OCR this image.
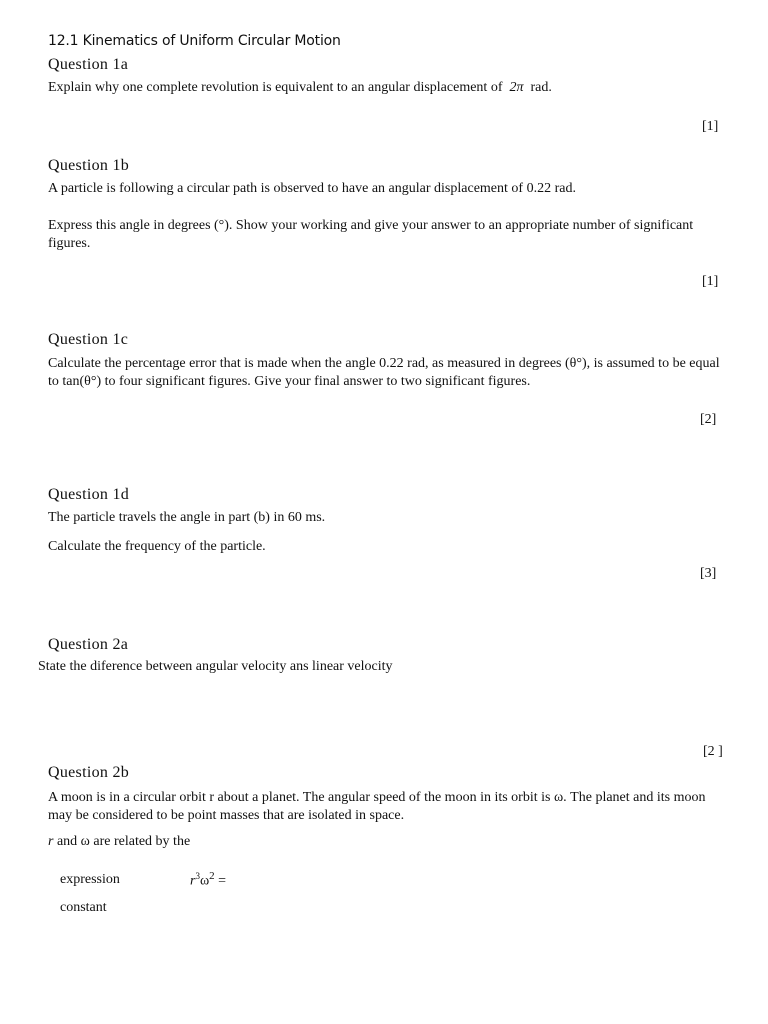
12.1 Kinematics of Uniform Circular Motion
Question 1a
Explain why one complete revolution is equivalent to an angular displacement of 2π rad.
[1]
Question 1b
A particle is following a circular path is observed to have an angular displacement of 0.22 rad.
Express this angle in degrees (°). Show your working and give your answer to an appropriate number of significant figures.
[1]
Question 1c
Calculate the percentage error that is made when the angle 0.22 rad, as measured in degrees (θ°), is assumed to be equal to tan(θ°) to four significant figures. Give your final answer to two significant figures.
[2]
Question 1d
The particle travels the angle in part (b) in 60 ms.
Calculate the frequency of the particle.
[3]
Question 2a
State the diference between angular velocity ans linear velocity
[2 ]
Question 2b
A moon is in a circular orbit r about a planet. The angular speed of the moon in its orbit is ω. The planet and its moon may be considered to be point masses that are isolated in space.
r and ω are related by the
expression	$r^3\omega^2$ =
constant
